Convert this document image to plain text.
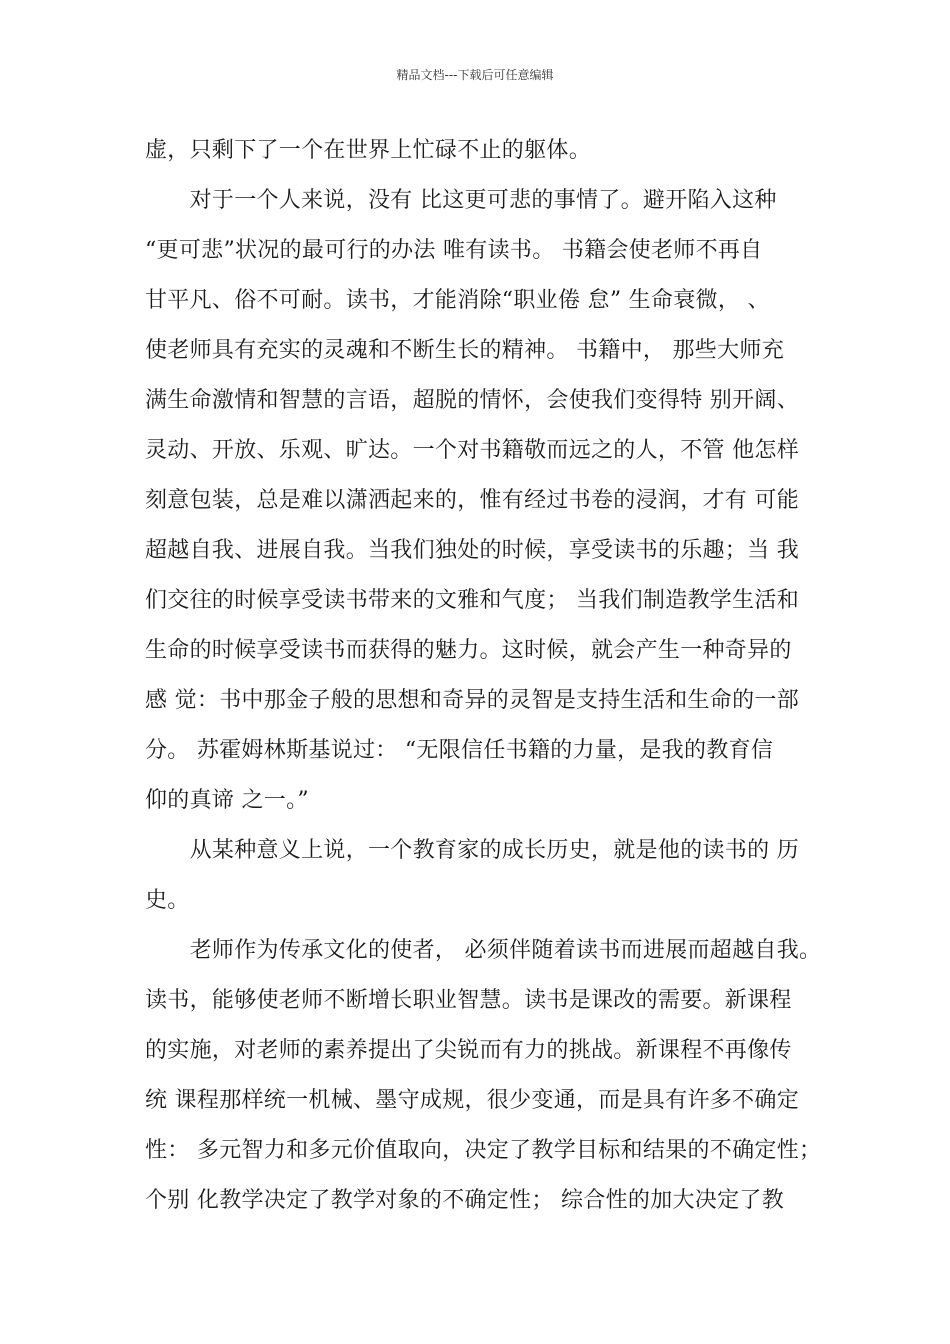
精品文档---下载后可任意编辑
虚，只剩下了一个在世界上忙碌不止的躯体。
　　对于一个人来说，没有 比这更可悲的事情了。避开陷入这种
“更可悲”状况的最可行的办法 唯有读书。 书籍会使老师不再自
甘平凡、俗不可耐。读书，才能消除“职业倦 怠” 生命衰微， 、
使老师具有充实的灵魂和不断生长的精神。 书籍中， 那些大师充
满生命激情和智慧的言语，超脱的情怀，会使我们变得特 别开阔、
灵动、开放、乐观、旷达。一个对书籍敬而远之的人，不管 他怎样
刻意包装，总是难以潇洒起来的，惟有经过书卷的浸润，才有 可能
超越自我、进展自我。当我们独处的时候，享受读书的乐趣；当 我
们交往的时候享受读书带来的文雅和气度； 当我们制造教学生活和
生命的时候享受读书而获得的魅力。这时候，就会产生一种奇异的
感 觉：书中那金子般的思想和奇异的灵智是支持生活和生命的一部
分。 苏霍姆林斯基说过： “无限信任书籍的力量，是我的教育信
仰的真谛 之一。”
　　从某种意义上说，一个教育家的成长历史，就是他的读书的 历
史。
　　老师作为传承文化的使者， 必须伴随着读书而进展而超越自我。
读书，能够使老师不断增长职业智慧。读书是课改的需要。新课程
的实施，对老师的素养提出了尖锐而有力的挑战。新课程不再像传
统 课程那样统一机械、墨守成规，很少变通，而是具有许多不确定
性： 多元智力和多元价值取向，决定了教学目标和结果的不确定性；
个别 化教学决定了教学对象的不确定性； 综合性的加大决定了教
